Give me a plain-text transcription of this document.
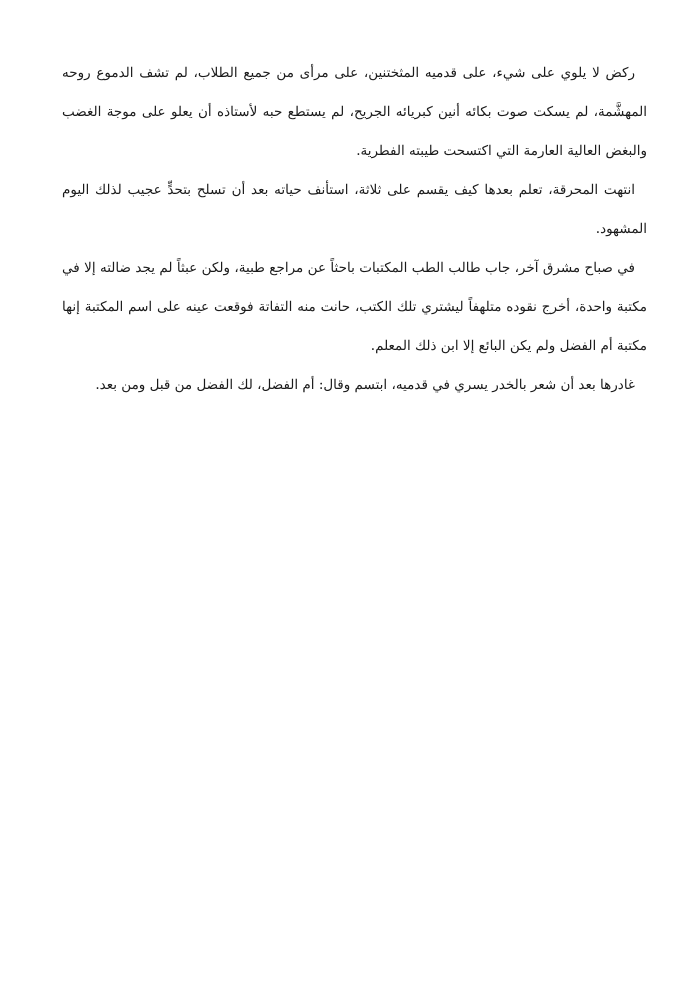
ركض لا يلوي على شيء، على قدميه المثختنين، على مرأى من جميع الطلاب، لم تشف الدموع روحه المهشَّمة، لم يسكت صوت بكائه أنين كبريائه الجريح، لم يستطع حبه لأستاذه أن يعلو على موجة الغضب والبغض العالية العارمة التي اكتسحت طيبته الفطرية.

انتهت المحرقة، تعلم بعدها كيف يقسم على ثلاثة، استأنف حياته بعد أن تسلح بتحدٍّ عجيب لذلك اليوم المشهود.

في صباح مشرق آخر، جاب طالب الطب المكتبات باحثاً عن مراجع طبية، ولكن عبثاً لم يجد ضالته إلا في مكتبة واحدة، أخرج نقوده متلهفاً ليشتري تلك الكتب، حانت منه التفاتة فوقعت عينه على اسم المكتبة إنها مكتبة أم الفضل ولم يكن البائع إلا ابن ذلك المعلم.

غادرها بعد أن شعر بالخدر يسري في قدميه، ابتسم وقال: أم الفضل، لك الفضل من قبل ومن بعد.
